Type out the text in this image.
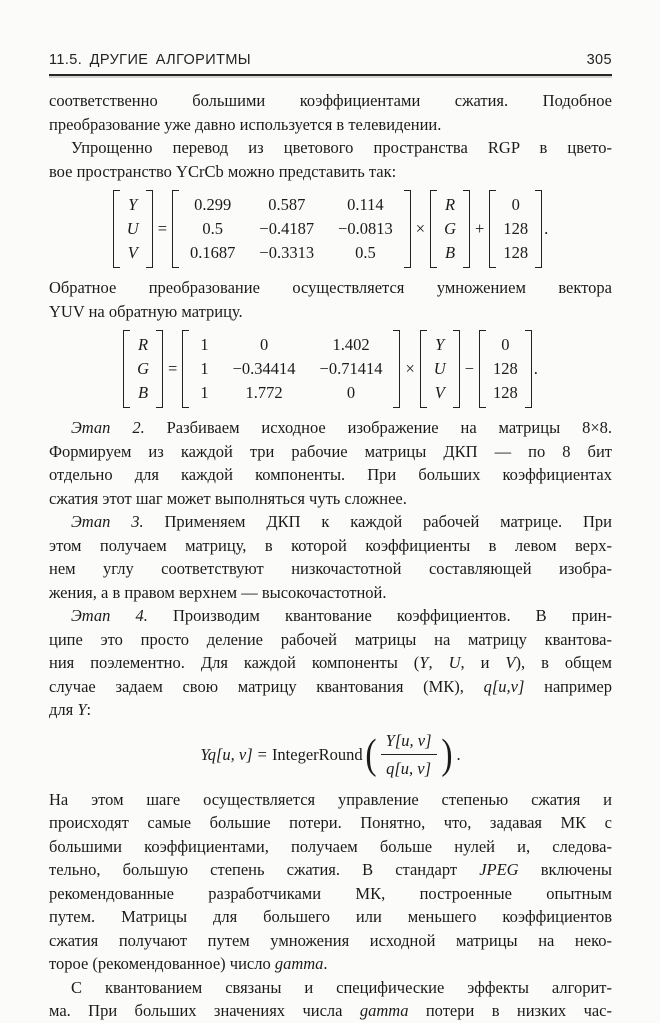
11.5. ДРУГИЕ АЛГОРИТМЫ	305
соответственно большими коэффициентами сжатия. Подобное
преобразование уже давно используется в телевидении.
Упрощенно перевод из цветового пространства RGP в цвето-
вое пространство YCrCb можно представить так:
Y
U
V
=
0.299 0.587	0.114
0.5 −0.4187 −0.0813
0.1687 −0.3313 0.5
×
R
G
B
+
0
128
128
.
Обратное преобразование осуществляется умножением вектора
YUV на обратную матрицу.
R
G
B
=
1	0	1.402
1 −0.34414 −0.71414
1 1.772	0
×
Y
U
V
−
0
128
128
.
Этап 2. Разбиваем исходное изображение на матрицы 8×8.
Формируем из каждой три рабочие матрицы ДКП — по 8 бит
отдельно для каждой компоненты. При больших коэффициентах
сжатия этот шаг может выполняться чуть сложнее.
Этап 3. Применяем ДКП к каждой рабочей матрице. При
этом получаем матрицу, в которой коэффициенты в левом верх-
нем углу соответствуют низкочастотной составляющей изобра-
жения, а в правом верхнем — высокочастотной.
Этап 4. Производим квантование коэффициентов. В прин-
ципе это просто деление рабочей матрицы на матрицу квантова-
ния поэлементно. Для каждой компоненты (Y, U, и V), в общем
случае задаем свою матрицу квантования (МК), q[u,v] например
для Y:
Yq[u, v] = IntegerRound ( $\frac{Y[u, v]}{q[u, v]}$ ) .
На этом шаге осуществляется управление степенью сжатия и
происходят самые большие потери. Понятно, что, задавая МК с
большими коэффициентами, получаем больше нулей и, следова-
тельно, большую степень сжатия. В стандарт JPEG включены
рекомендованные разработчиками МК, построенные опытным
путем. Матрицы для большего или меньшего коэффициентов
сжатия получают путем умножения исходной матрицы на неко-
торое (рекомендованное) число gamma.
С квантованием связаны и специфические эффекты алгорит-
ма. При больших значениях числа gamma потери в низких час-
